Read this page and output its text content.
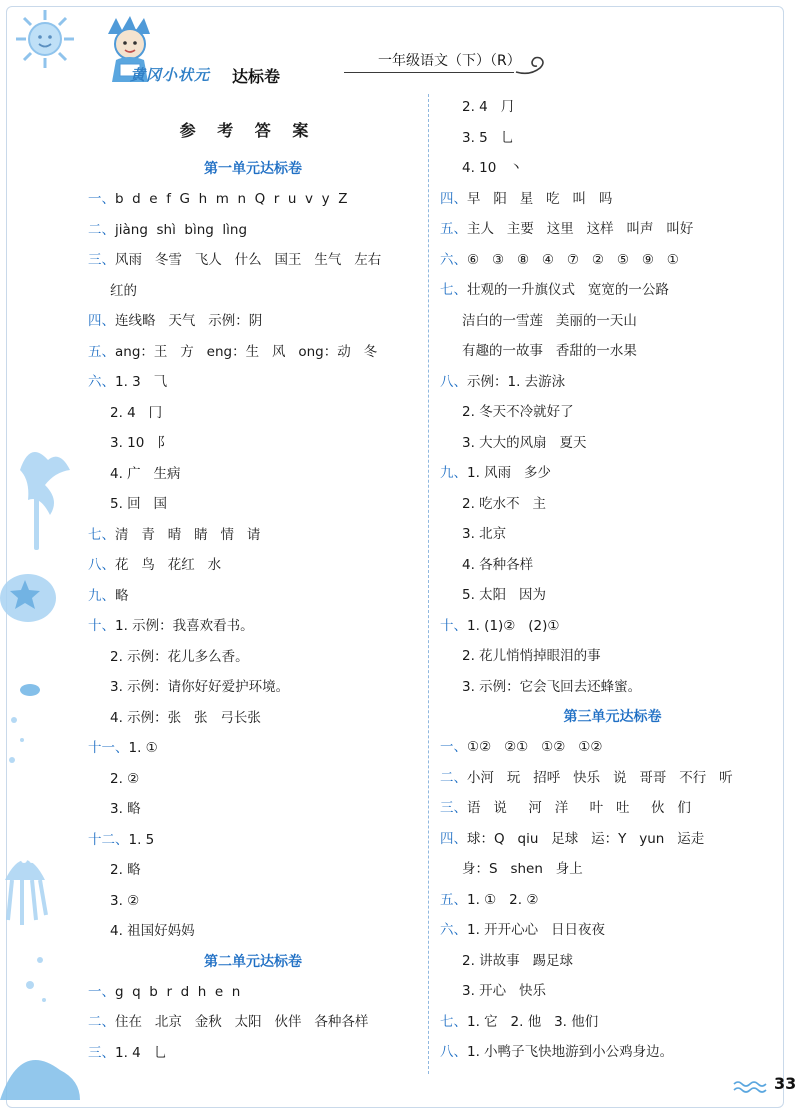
黄冈小状元 达标卷
一年级语文（下）（R）
参 考 答 案
第一单元达标卷
一、b  d  e  f  G  h  m  n  Q  r  u  v  y  Z
二、jiàng  shì  bìng  lìng
三、风雨   冬雪   飞人   什么   国王   生气   左右
红的
四、连线略   天气   示例：阴
五、ang：王   方   eng：生   风   ong：动   冬
六、1. 3   ⺄
2. 4   冂
3. 10   ⻖
4. 广   生病
5. 回   国
七、清   青   晴   睛   情   请
八、花   鸟   花红   水
九、略
十、1. 示例：我喜欢看书。
2. 示例：花儿多么香。
3. 示例：请你好好爱护环境。
4. 示例：张   张   弓长张
十一、1. ①
2. ②
3. 略
十二、1. 5
2. 略
3. ②
4. 祖国好妈妈
第二单元达标卷
一、g  q  b  r  d  h  e  n
二、住在   北京   金秋   太阳   伙伴   各种各样
三、1. 4   ⺃
2. 4   ⺆
3. 5   ⺃
4. 10   丶
四、早   阳   星   吃   叫   吗
五、主人   主要   这里   这样   叫声   叫好
六、⑥   ③   ⑧   ④   ⑦   ②   ⑤   ⑨   ①
七、壮观的一升旗仪式   宽宽的一公路
洁白的一雪莲   美丽的一天山
有趣的一故事   香甜的一水果
八、示例：1. 去游泳
2. 冬天不冷就好了
3. 大大的风扇   夏天
九、1. 风雨   多少
2. 吃水不   主
3. 北京
4. 各种各样
5. 太阳   因为
十、1. (1)②   (2)①
2. 花儿悄悄掉眼泪的事
3. 示例：它会飞回去还蜂蜜。
第三单元达标卷
一、①②   ②①   ①②   ①②
二、小河   玩   招呼   快乐   说   哥哥   不行   听
三、语   说     河   洋     叶   吐     伙   们
四、球：Q   qiu   足球   运：Y   yun   运走
身：S   shen   身上
五、1. ①   2. ②
六、1. 开开心心   日日夜夜
2. 讲故事   踢足球
3. 开心   快乐
七、1. 它   2. 他   3. 他们
八、1. 小鸭子飞快地游到小公鸡身边。
33
